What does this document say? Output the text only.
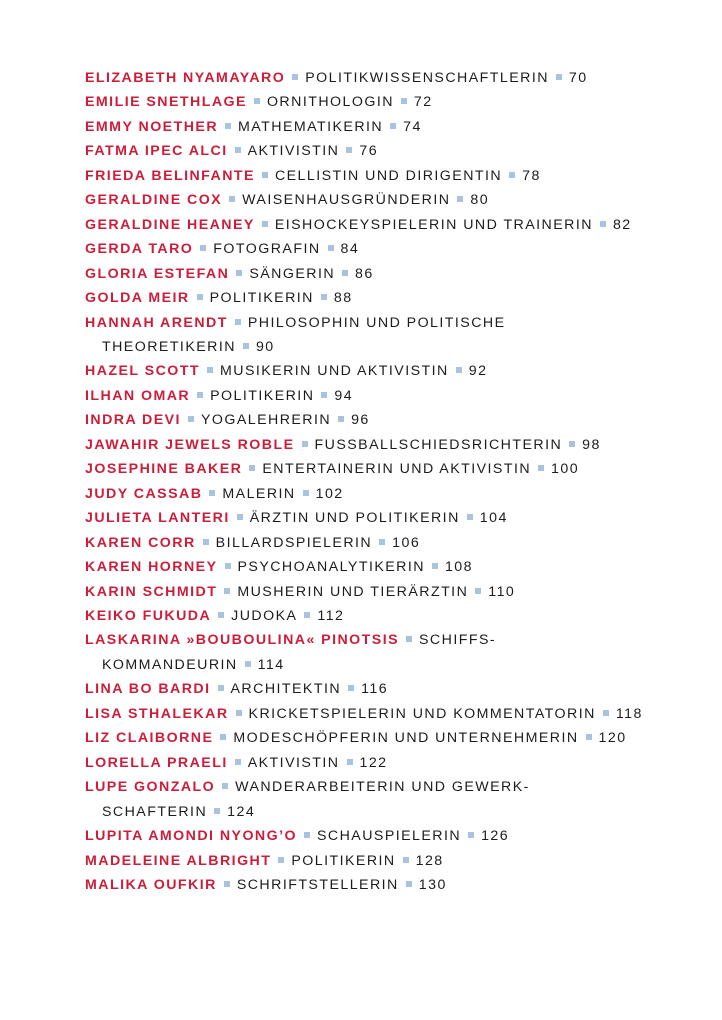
ELIZABETH NYAMAYARO POLITIKWISSENSCHAFTLERIN 70
EMILIE SNETHLAGE ORNITHOLOGIN 72
EMMY NOETHER MATHEMATIKERIN 74
FATMA IPEC ALCI AKTIVISTIN 76
FRIEDA BELINFANTE CELLISTIN UND DIRIGENTIN 78
GERALDINE COX WAISENHAUSGRÜNDERIN 80
GERALDINE HEANEY EISHOCKEYSPIELERIN UND TRAINERIN 82
GERDA TARO FOTOGRAFIN 84
GLORIA ESTEFAN SÄNGERIN 86
GOLDA MEIR POLITIKERIN 88
HANNAH ARENDT PHILOSOPHIN UND POLITISCHE
THEORETIKERIN 90
HAZEL SCOTT MUSIKERIN UND AKTIVISTIN 92
ILHAN OMAR POLITIKERIN 94
INDRA DEVI YOGALEHRERIN 96
JAWAHIR JEWELS ROBLE FUSSBALLSCHIEDSRICHTERIN 98
JOSEPHINE BAKER ENTERTAINERIN UND AKTIVISTIN 100
JUDY CASSAB MALERIN 102
JULIETA LANTERI ÄRZTIN UND POLITIKERIN 104
KAREN CORR BILLARDSPIELERIN 106
KAREN HORNEY PSYCHOANALYTIKERIN 108
KARIN SCHMIDT MUSHERIN UND TIERÄRZTIN 110
KEIKO FUKUDA JUDOKA 112
LASKARINA »BOUBOULINA« PINOTSIS SCHIFFS-
KOMMANDEURIN 114
LINA BO BARDI ARCHITEKTIN 116
LISA STHALEKAR KRICKETSPIELERIN UND KOMMENTATORIN 118
LIZ CLAIBORNE MODESCHÖPFERIN UND UNTERNEHMERIN 120
LORELLA PRAELI AKTIVISTIN 122
LUPE GONZALO WANDERARBEITERIN UND GEWERK-
SCHAFTERIN 124
LUPITA AMONDI NYONG’O SCHAUSPIELERIN 126
MADELEINE ALBRIGHT POLITIKERIN 128
MALIKA OUFKIR SCHRIFTSTELLERIN 130
